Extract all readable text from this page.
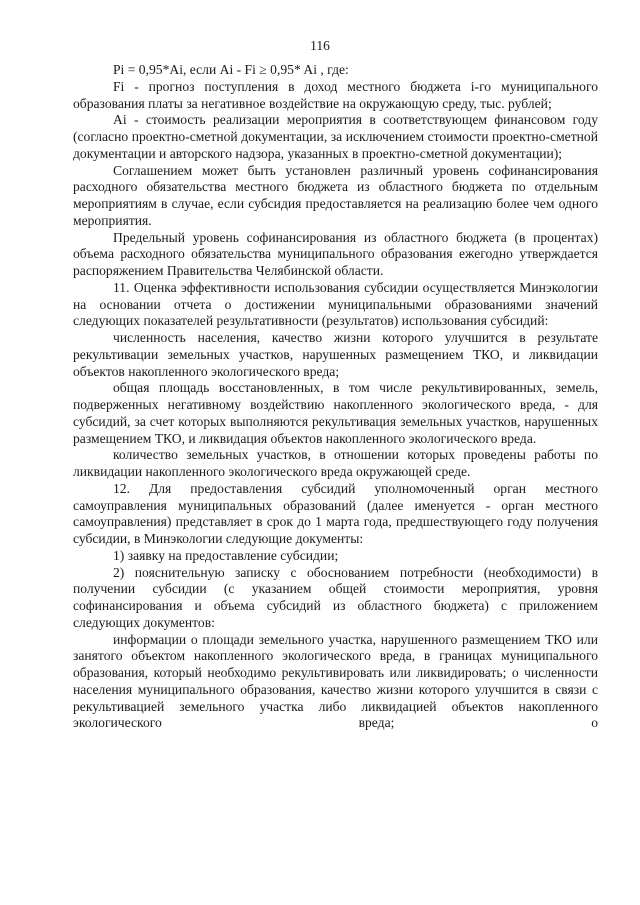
116

Pi = 0,95*Ai, если Ai - Fi ≥ 0,95* Ai , где:

Fi - прогноз поступления в доход местного бюджета i-го муниципального образования платы за негативное воздействие на окружающую среду, тыс. рублей;

Ai - стоимость реализации мероприятия в соответствующем финансовом году (согласно проектно-сметной документации, за исключением стоимости проектно-сметной документации и авторского надзора, указанных в проектно-сметной документации);

Соглашением может быть установлен различный уровень софинансирования расходного обязательства местного бюджета из областного бюджета по отдельным мероприятиям в случае, если субсидия предоставляется на реализацию более чем одного мероприятия.

Предельный уровень софинансирования из областного бюджета (в процентах) объема расходного обязательства муниципального образования ежегодно утверждается распоряжением Правительства Челябинской области.

11. Оценка эффективности использования субсидии осуществляется Минэкологии на основании отчета о достижении муниципальными образованиями значений следующих показателей результативности (результатов) использования субсидий:

численность населения, качество жизни которого улучшится в результате рекультивации земельных участков, нарушенных размещением ТКО, и ликвидации объектов накопленного экологического вреда;

общая площадь восстановленных, в том числе рекультивированных, земель, подверженных негативному воздействию накопленного экологического вреда, - для субсидий, за счет которых выполняются рекультивация земельных участков, нарушенных размещением ТКО, и ликвидация объектов накопленного экологического вреда.

количество земельных участков, в отношении которых проведены работы по ликвидации накопленного экологического вреда окружающей среде.

12. Для предоставления субсидий уполномоченный орган местного самоуправления муниципальных образований (далее именуется - орган местного самоуправления) представляет в срок до 1 марта года, предшествующего году получения субсидии, в Минэкологии следующие документы:

1) заявку на предоставление субсидии;

2) пояснительную записку с обоснованием потребности (необходимости) в получении субсидии (с указанием общей стоимости мероприятия, уровня софинансирования и объема субсидий из областного бюджета) с приложением следующих документов:

информации о площади земельного участка, нарушенного размещением ТКО или занятого объектом накопленного экологического вреда, в границах муниципального образования, который необходимо рекультивировать или ликвидировать; о численности населения муниципального образования, качество жизни которого улучшится в связи с рекультивацией земельного участка либо ликвидацией объектов накопленного экологического вреда; о
